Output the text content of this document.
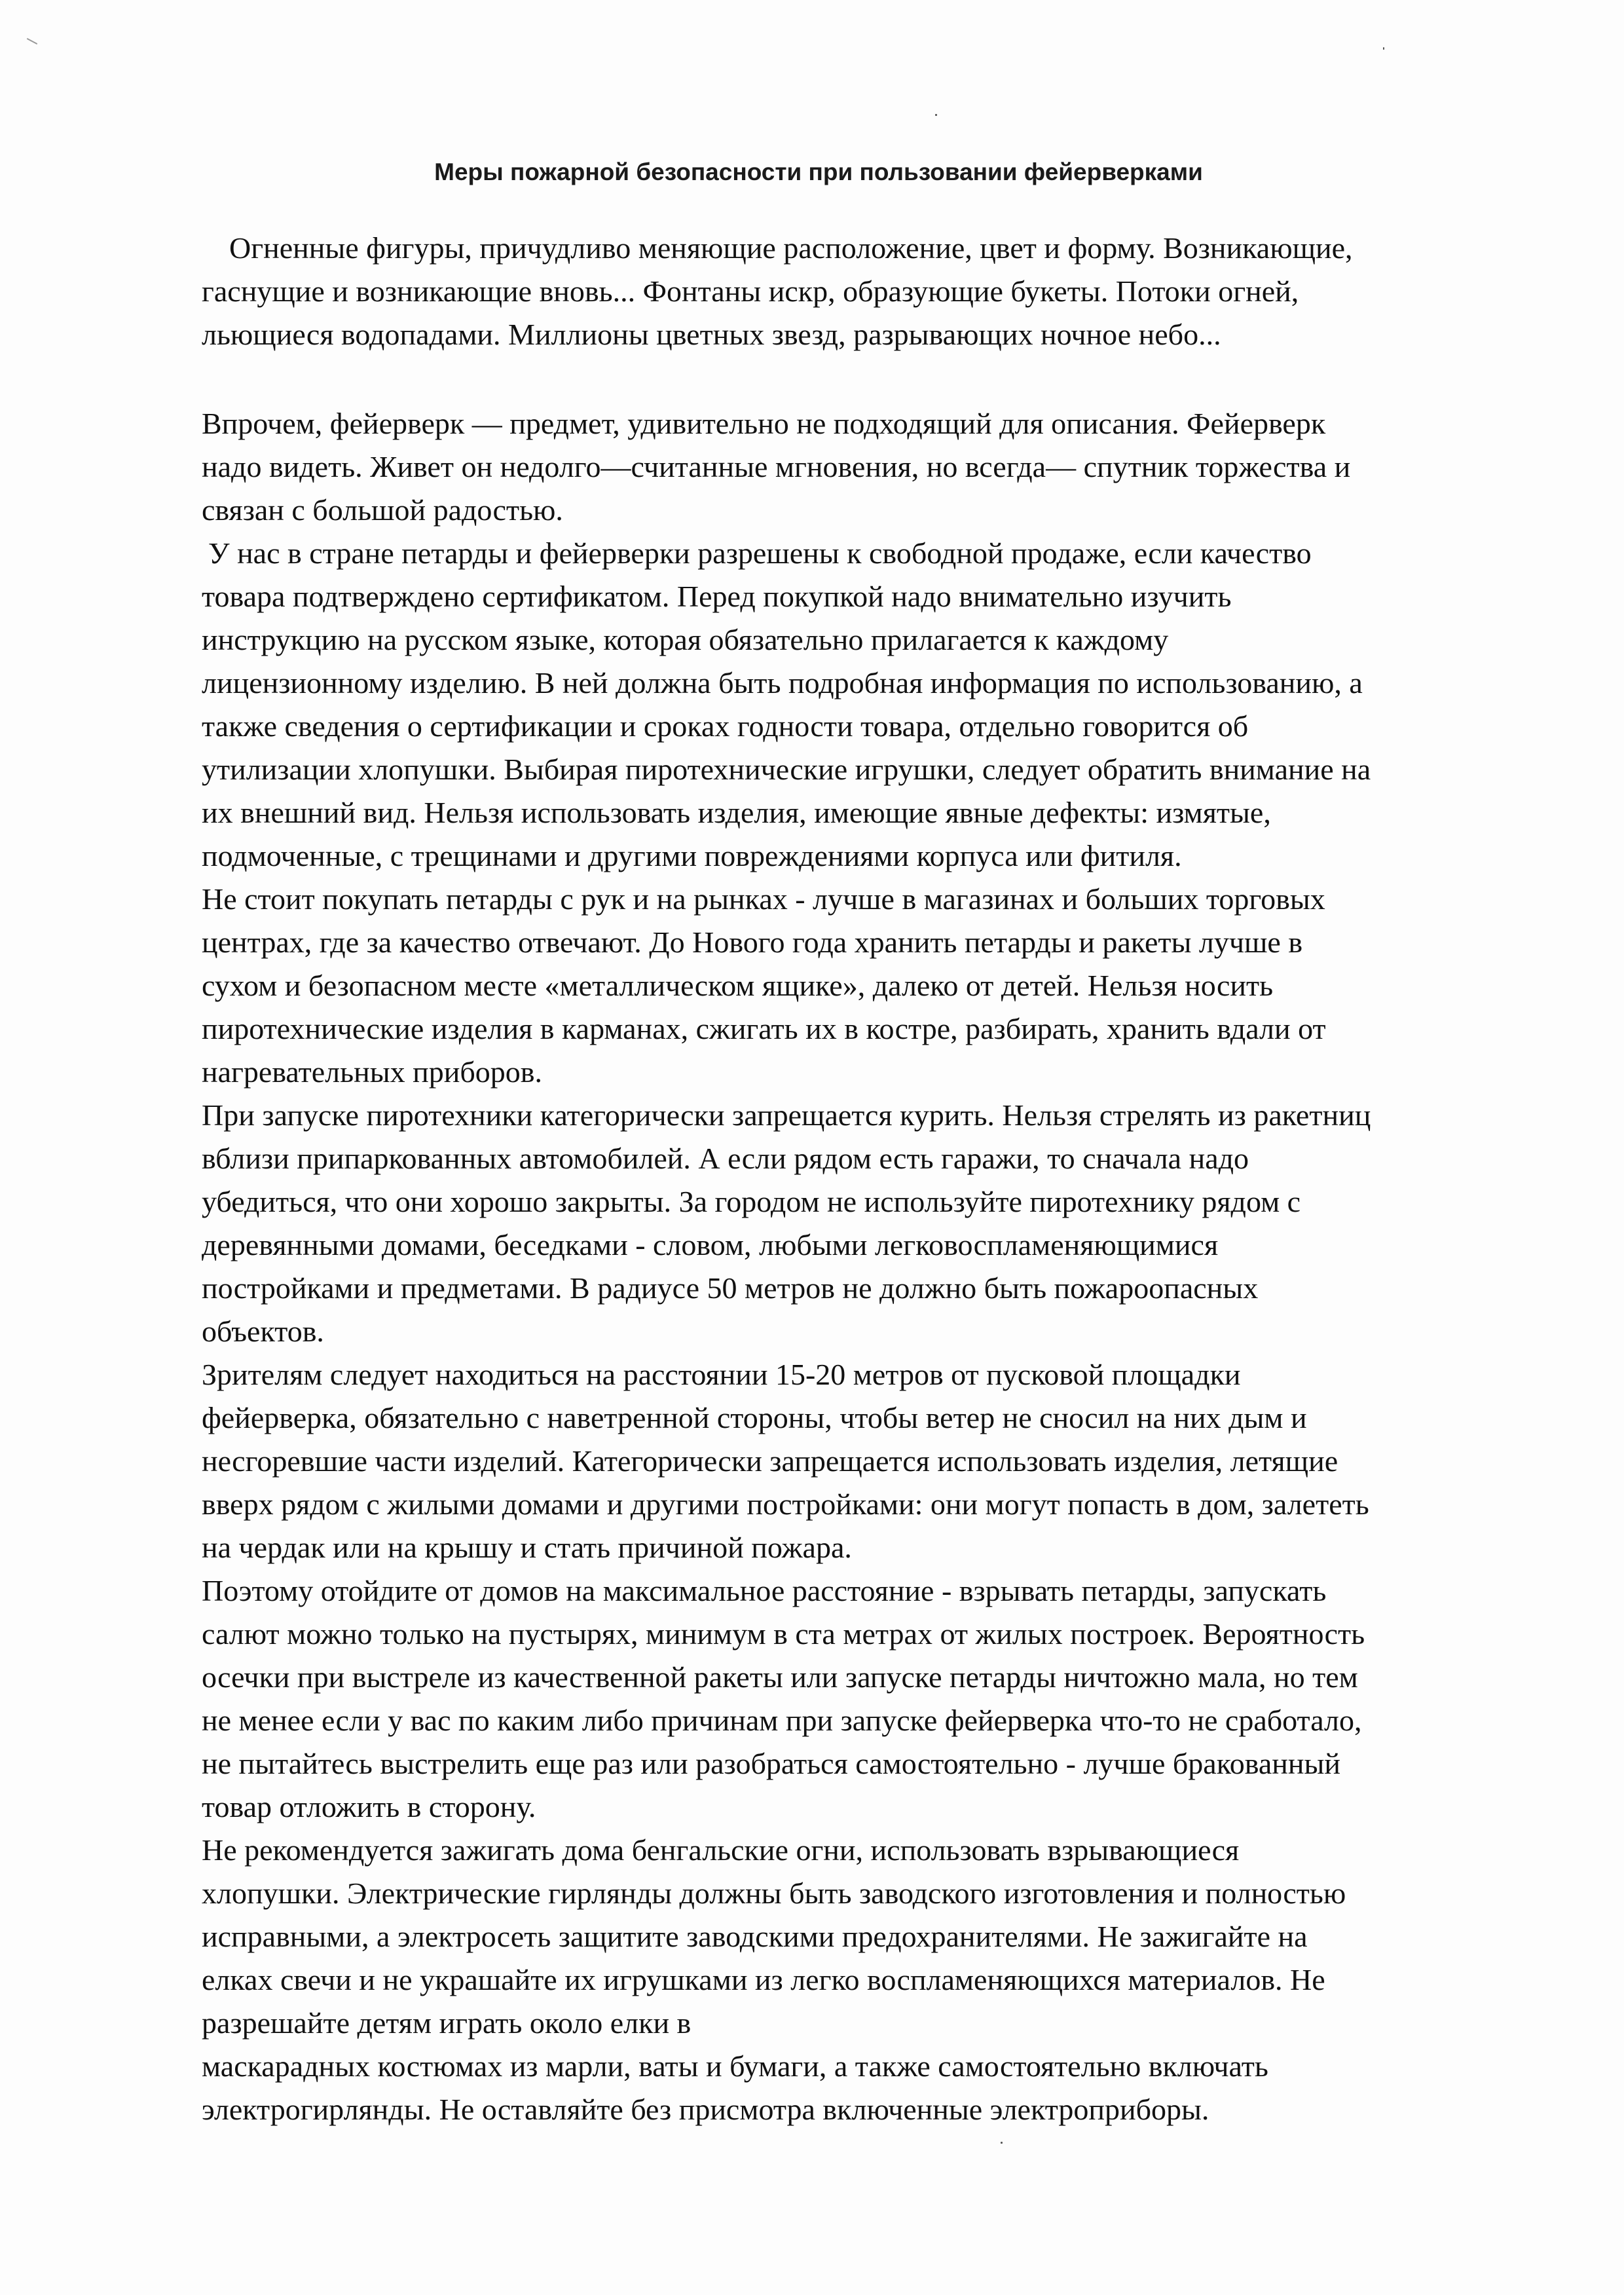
Меры пожарной безопасности при пользовании фейерверками
Огненные фигуры, причудливо меняющие расположение, цвет и форму. Возникающие,
гаснущие и возникающие вновь... Фонтаны искр, образующие букеты. Потоки огней,
льющиеся водопадами. Миллионы цветных звезд, разрывающих ночное небо...
Впрочем, фейерверк — предмет, удивительно не подходящий для описания. Фейерверк
надо видеть. Живет он недолго—считанные мгновения, но всегда— спутник торжества и
связан с большой радостью.
У нас в стране петарды и фейерверки разрешены к свободной продаже, если качество
товара подтверждено сертификатом. Перед покупкой надо внимательно изучить
инструкцию на русском языке, которая обязательно прилагается к каждому
лицензионному изделию. В ней должна быть подробная информация по использованию, а
также сведения о сертификации и сроках годности товара, отдельно говорится об
утилизации хлопушки. Выбирая пиротехнические игрушки, следует обратить внимание на
их внешний вид. Нельзя использовать изделия, имеющие явные дефекты: измятые,
подмоченные, с трещинами и другими повреждениями корпуса или фитиля.
Не стоит покупать петарды с рук и на рынках - лучше в магазинах и больших торговых
центрах, где за качество отвечают. До Нового года хранить петарды и ракеты лучше в
сухом и безопасном месте «металлическом ящике», далеко от детей. Нельзя носить
пиротехнические изделия в карманах, сжигать их в костре, разбирать, хранить вдали от
нагревательных приборов.
При запуске пиротехники категорически запрещается курить. Нельзя стрелять из ракетниц
вблизи припаркованных автомобилей. А если рядом есть гаражи, то сначала надо
убедиться, что они хорошо закрыты. За городом не используйте пиротехнику рядом с
деревянными домами, беседками - словом, любыми легковоспламеняющимися
постройками и предметами. В радиусе 50 метров не должно быть пожароопасных
объектов.
Зрителям следует находиться на расстоянии 15-20 метров от пусковой площадки
фейерверка, обязательно с наветренной стороны, чтобы ветер не сносил на них дым и
несгоревшие части изделий. Категорически запрещается использовать изделия, летящие
вверх рядом с жилыми домами и другими постройками: они могут попасть в дом, залететь
на чердак или на крышу и стать причиной пожара.
Поэтому отойдите от домов на максимальное расстояние - взрывать петарды, запускать
салют можно только на пустырях, минимум в ста метрах от жилых построек. Вероятность
осечки при выстреле из качественной ракеты или запуске петарды ничтожно мала, но тем
не менее если у вас по каким либо причинам при запуске фейерверка что-то не сработало,
не пытайтесь выстрелить еще раз или разобраться самостоятельно - лучше бракованный
товар отложить в сторону.
Не рекомендуется зажигать дома бенгальские огни, использовать взрывающиеся
хлопушки. Электрические гирлянды должны быть заводского изготовления и полностью
исправными, а электросеть защитите заводскими предохранителями. Не зажигайте на
елках свечи и не украшайте их игрушками из легко воспламеняющихся материалов. Не
разрешайте детям играть около елки в
маскарадных костюмах из марли, ваты и бумаги, а также самостоятельно включать
электрогирлянды. Не оставляйте без присмотра включенные электроприборы.
